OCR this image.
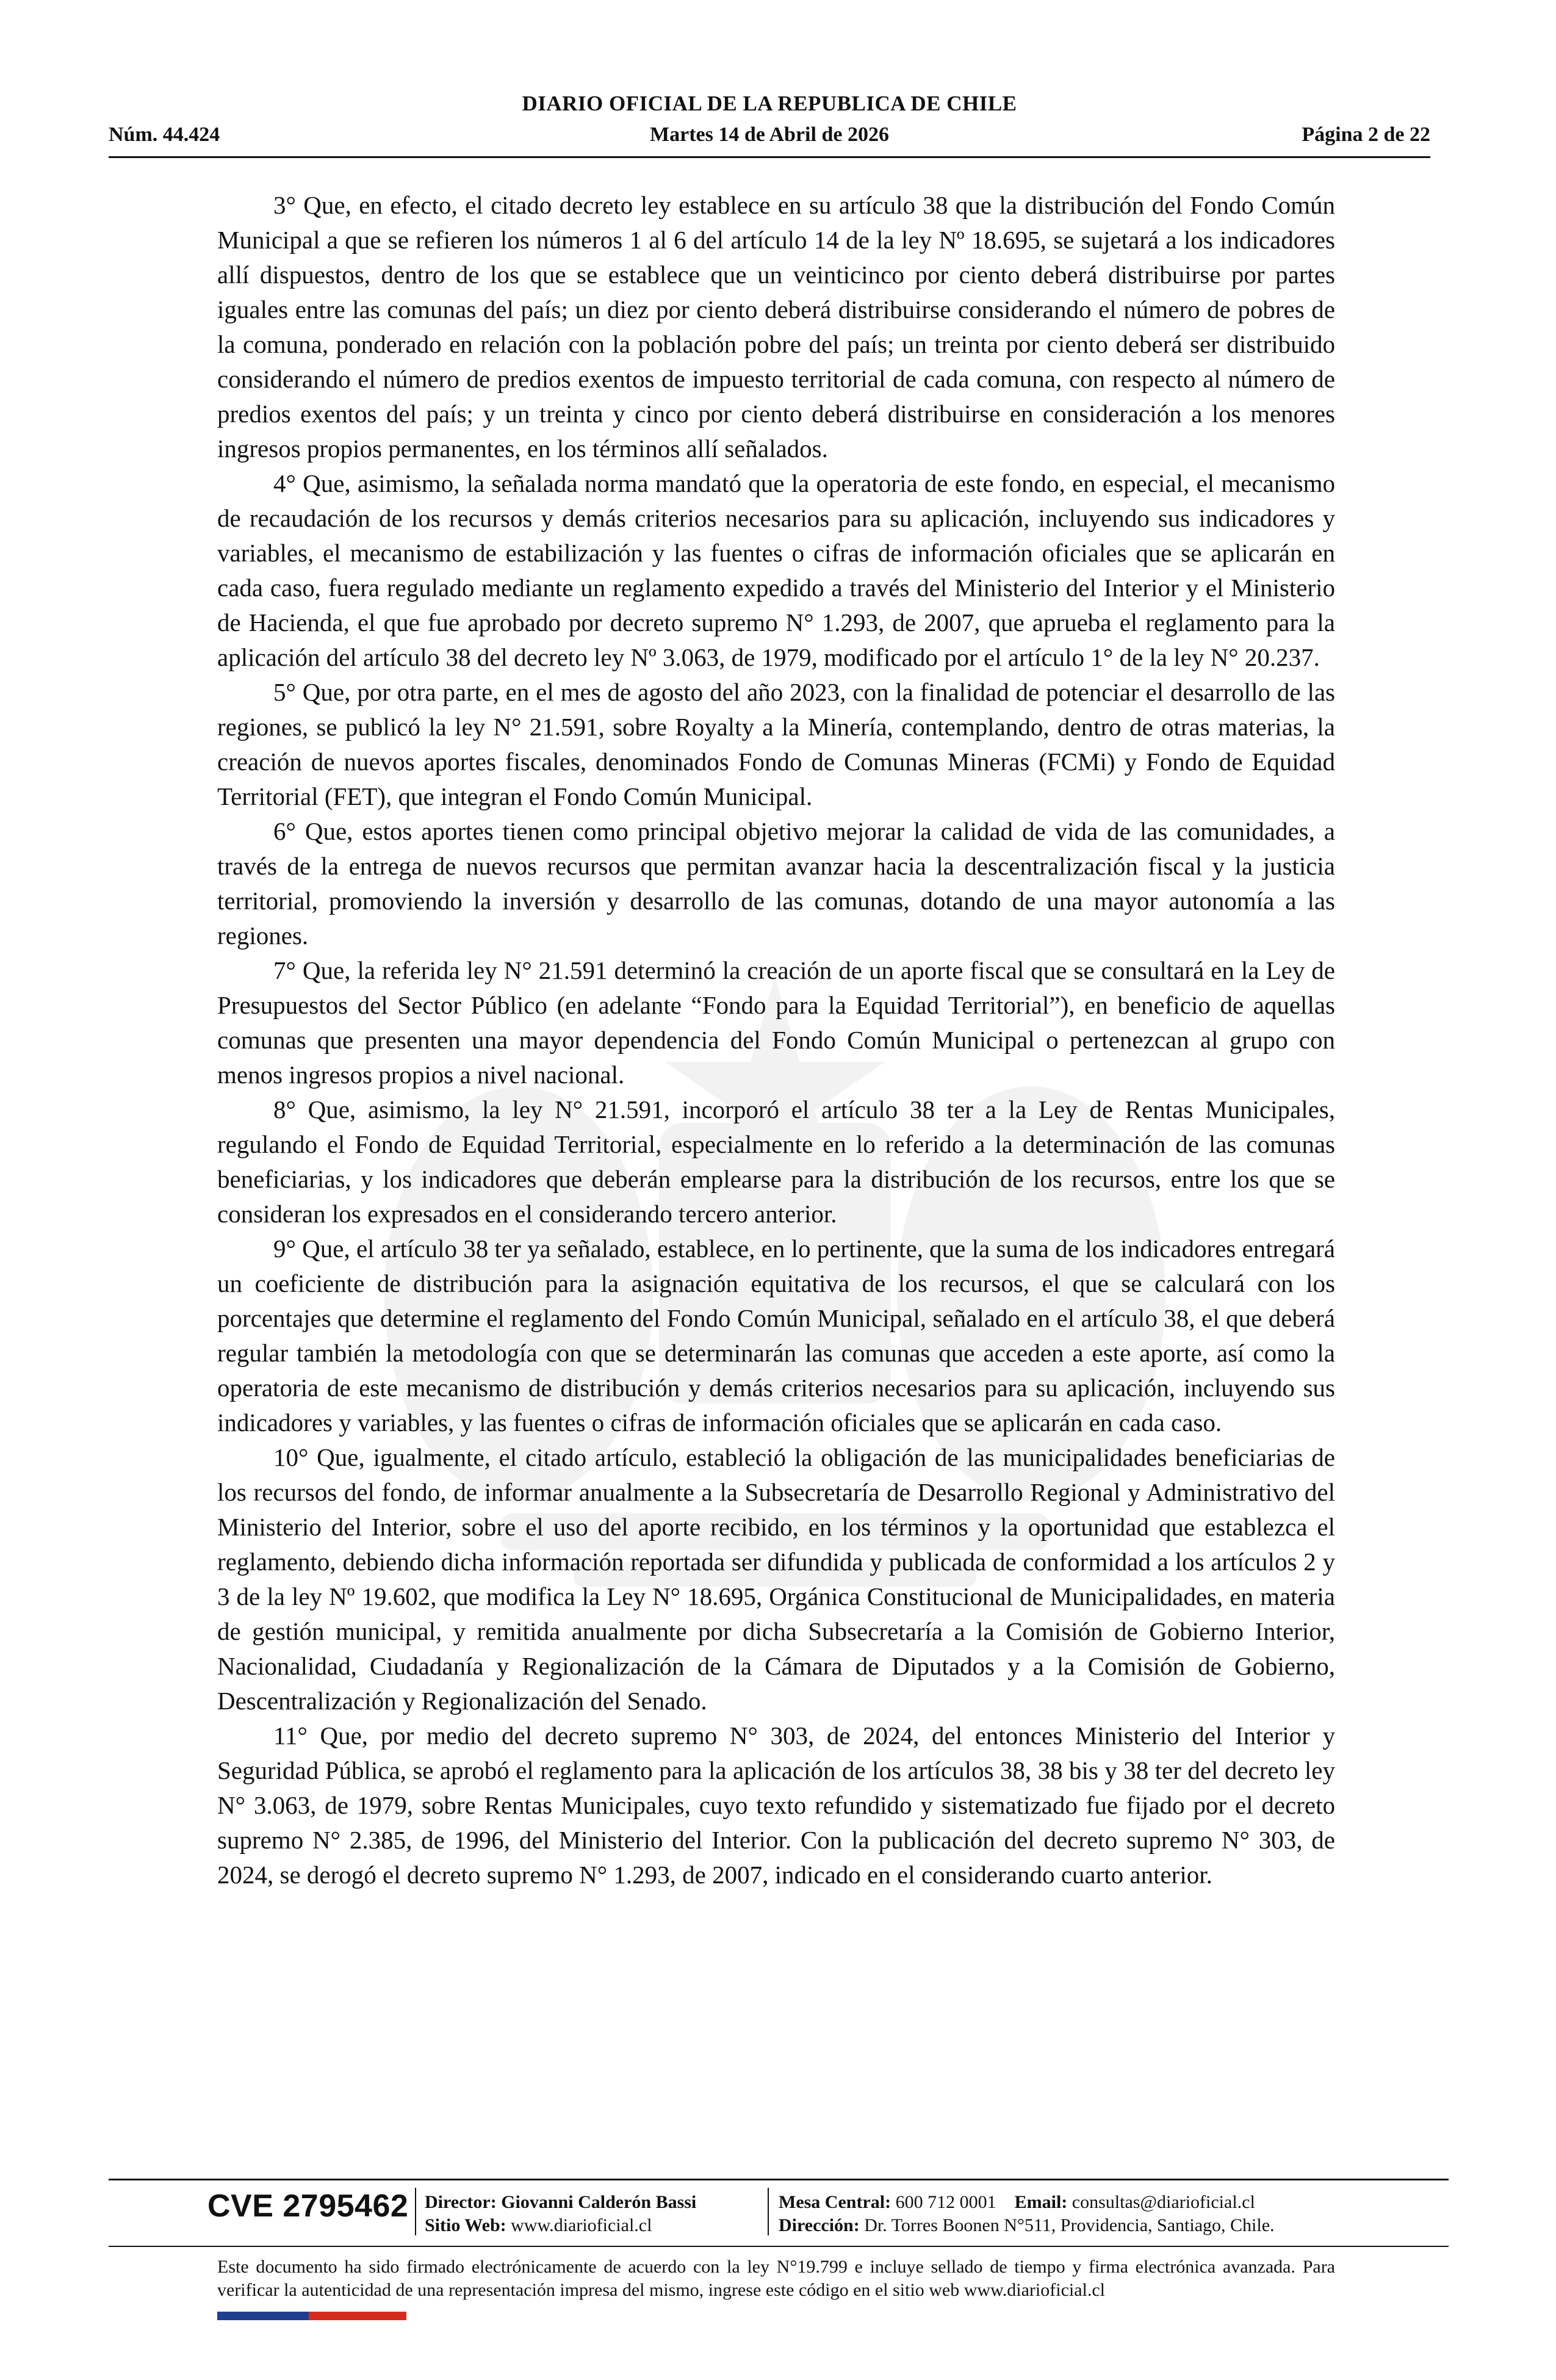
DIARIO OFICIAL DE LA REPUBLICA DE CHILE
Núm. 44.424	Martes 14 de Abril de 2026	Página 2 de 22

3° Que, en efecto, el citado decreto ley establece en su artículo 38 que la distribución del Fondo Común Municipal a que se refieren los números 1 al 6 del artículo 14 de la ley Nº 18.695, se sujetará a los indicadores allí dispuestos, dentro de los que se establece que un veinticinco por ciento deberá distribuirse por partes iguales entre las comunas del país; un diez por ciento deberá distribuirse considerando el número de pobres de la comuna, ponderado en relación con la población pobre del país; un treinta por ciento deberá ser distribuido considerando el número de predios exentos de impuesto territorial de cada comuna, con respecto al número de predios exentos del país; y un treinta y cinco por ciento deberá distribuirse en consideración a los menores ingresos propios permanentes, en los términos allí señalados.

4° Que, asimismo, la señalada norma mandató que la operatoria de este fondo, en especial, el mecanismo de recaudación de los recursos y demás criterios necesarios para su aplicación, incluyendo sus indicadores y variables, el mecanismo de estabilización y las fuentes o cifras de información oficiales que se aplicarán en cada caso, fuera regulado mediante un reglamento expedido a través del Ministerio del Interior y el Ministerio de Hacienda, el que fue aprobado por decreto supremo N° 1.293, de 2007, que aprueba el reglamento para la aplicación del artículo 38 del decreto ley Nº 3.063, de 1979, modificado por el artículo 1° de la ley N° 20.237.

5° Que, por otra parte, en el mes de agosto del año 2023, con la finalidad de potenciar el desarrollo de las regiones, se publicó la ley N° 21.591, sobre Royalty a la Minería, contemplando, dentro de otras materias, la creación de nuevos aportes fiscales, denominados Fondo de Comunas Mineras (FCMi) y Fondo de Equidad Territorial (FET), que integran el Fondo Común Municipal.

6° Que, estos aportes tienen como principal objetivo mejorar la calidad de vida de las comunidades, a través de la entrega de nuevos recursos que permitan avanzar hacia la descentralización fiscal y la justicia territorial, promoviendo la inversión y desarrollo de las comunas, dotando de una mayor autonomía a las regiones.

7° Que, la referida ley N° 21.591 determinó la creación de un aporte fiscal que se consultará en la Ley de Presupuestos del Sector Público (en adelante “Fondo para la Equidad Territorial”), en beneficio de aquellas comunas que presenten una mayor dependencia del Fondo Común Municipal o pertenezcan al grupo con menos ingresos propios a nivel nacional.

8° Que, asimismo, la ley N° 21.591, incorporó el artículo 38 ter a la Ley de Rentas Municipales, regulando el Fondo de Equidad Territorial, especialmente en lo referido a la determinación de las comunas beneficiarias, y los indicadores que deberán emplearse para la distribución de los recursos, entre los que se consideran los expresados en el considerando tercero anterior.

9° Que, el artículo 38 ter ya señalado, establece, en lo pertinente, que la suma de los indicadores entregará un coeficiente de distribución para la asignación equitativa de los recursos, el que se calculará con los porcentajes que determine el reglamento del Fondo Común Municipal, señalado en el artículo 38, el que deberá regular también la metodología con que se determinarán las comunas que acceden a este aporte, así como la operatoria de este mecanismo de distribución y demás criterios necesarios para su aplicación, incluyendo sus indicadores y variables, y las fuentes o cifras de información oficiales que se aplicarán en cada caso.

10° Que, igualmente, el citado artículo, estableció la obligación de las municipalidades beneficiarias de los recursos del fondo, de informar anualmente a la Subsecretaría de Desarrollo Regional y Administrativo del Ministerio del Interior, sobre el uso del aporte recibido, en los términos y la oportunidad que establezca el reglamento, debiendo dicha información reportada ser difundida y publicada de conformidad a los artículos 2 y 3 de la ley Nº 19.602, que modifica la Ley N° 18.695, Orgánica Constitucional de Municipalidades, en materia de gestión municipal, y remitida anualmente por dicha Subsecretaría a la Comisión de Gobierno Interior, Nacionalidad, Ciudadanía y Regionalización de la Cámara de Diputados y a la Comisión de Gobierno, Descentralización y Regionalización del Senado.

11° Que, por medio del decreto supremo N° 303, de 2024, del entonces Ministerio del Interior y Seguridad Pública, se aprobó el reglamento para la aplicación de los artículos 38, 38 bis y 38 ter del decreto ley N° 3.063, de 1979, sobre Rentas Municipales, cuyo texto refundido y sistematizado fue fijado por el decreto supremo N° 2.385, de 1996, del Ministerio del Interior. Con la publicación del decreto supremo N° 303, de 2024, se derogó el decreto supremo N° 1.293, de 2007, indicado en el considerando cuarto anterior.

CVE 2795462 Director: Giovanni Calderón Bassi
Sitio Web: www.diarioficial.cl
Mesa Central: 600 712 0001 Email: consultas@diarioficial.cl
Dirección: Dr. Torres Boonen N°511, Providencia, Santiago, Chile.
Este documento ha sido firmado electrónicamente de acuerdo con la ley N°19.799 e incluye sellado de tiempo y firma electrónica avanzada. Para verificar la autenticidad de una representación impresa del mismo, ingrese este código en el sitio web www.diarioficial.cl
